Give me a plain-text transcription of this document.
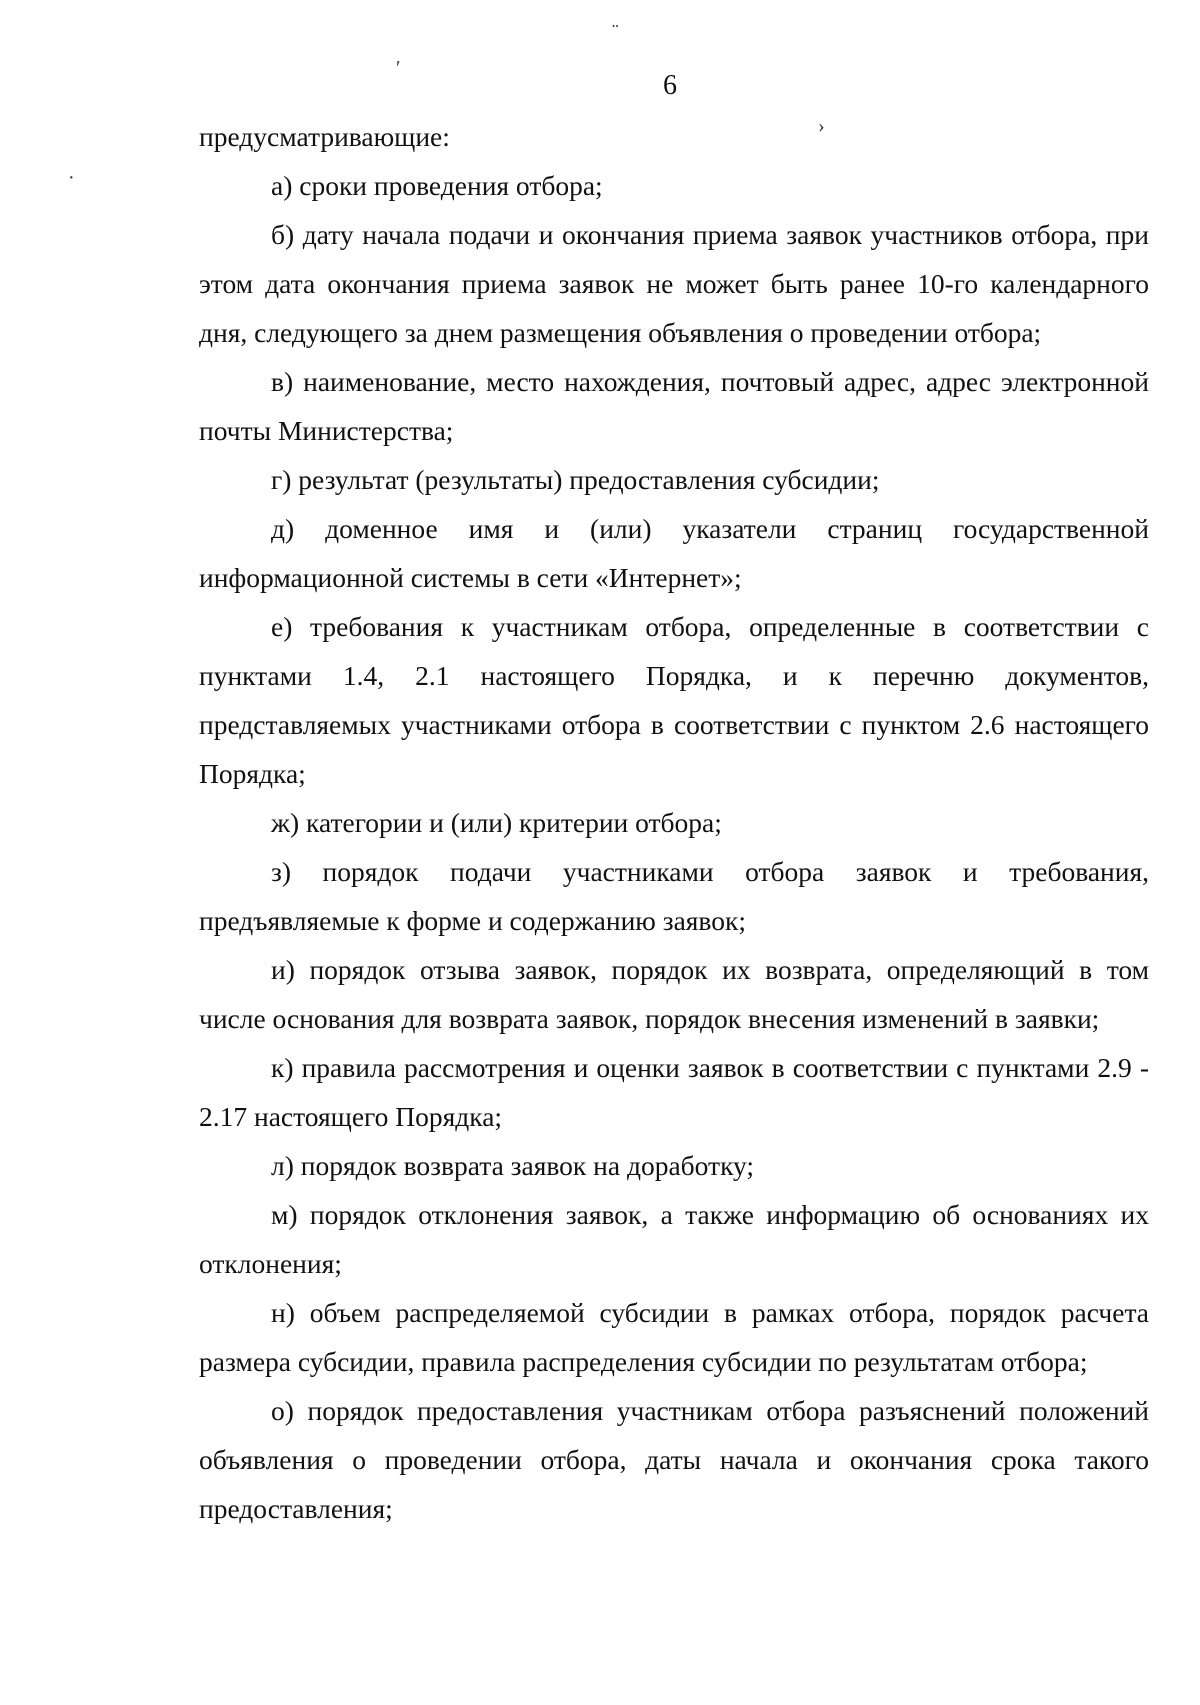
¨
′
›
·
6

предусматривающие:

а) сроки проведения отбора;

б) дату начала подачи и окончания приема заявок участников отбора, при этом дата окончания приема заявок не может быть ранее 10-го календарного дня, следующего за днем размещения объявления о проведении отбора;

в) наименование, место нахождения, почтовый адрес, адрес электронной почты Министерства;

г) результат (результаты) предоставления субсидии;

д) доменное имя и (или) указатели страниц государственной информационной системы в сети «Интернет»;

е) требования к участникам отбора, определенные в соответствии с пунктами 1.4, 2.1 настоящего Порядка, и к перечню документов, представляемых участниками отбора в соответствии с пунктом 2.6 настоящего Порядка;

ж) категории и (или) критерии отбора;

з) порядок подачи участниками отбора заявок и требования, предъявляемые к форме и содержанию заявок;

и) порядок отзыва заявок, порядок их возврата, определяющий в том числе основания для возврата заявок, порядок внесения изменений в заявки;

к) правила рассмотрения и оценки заявок в соответствии с пунктами 2.9 - 2.17 настоящего Порядка;

л) порядок возврата заявок на доработку;

м) порядок отклонения заявок, а также информацию об основаниях их отклонения;

н) объем распределяемой субсидии в рамках отбора, порядок расчета размера субсидии, правила распределения субсидии по результатам отбора;

о) порядок предоставления участникам отбора разъяснений положений объявления о проведении отбора, даты начала и окончания срока такого предоставления;
